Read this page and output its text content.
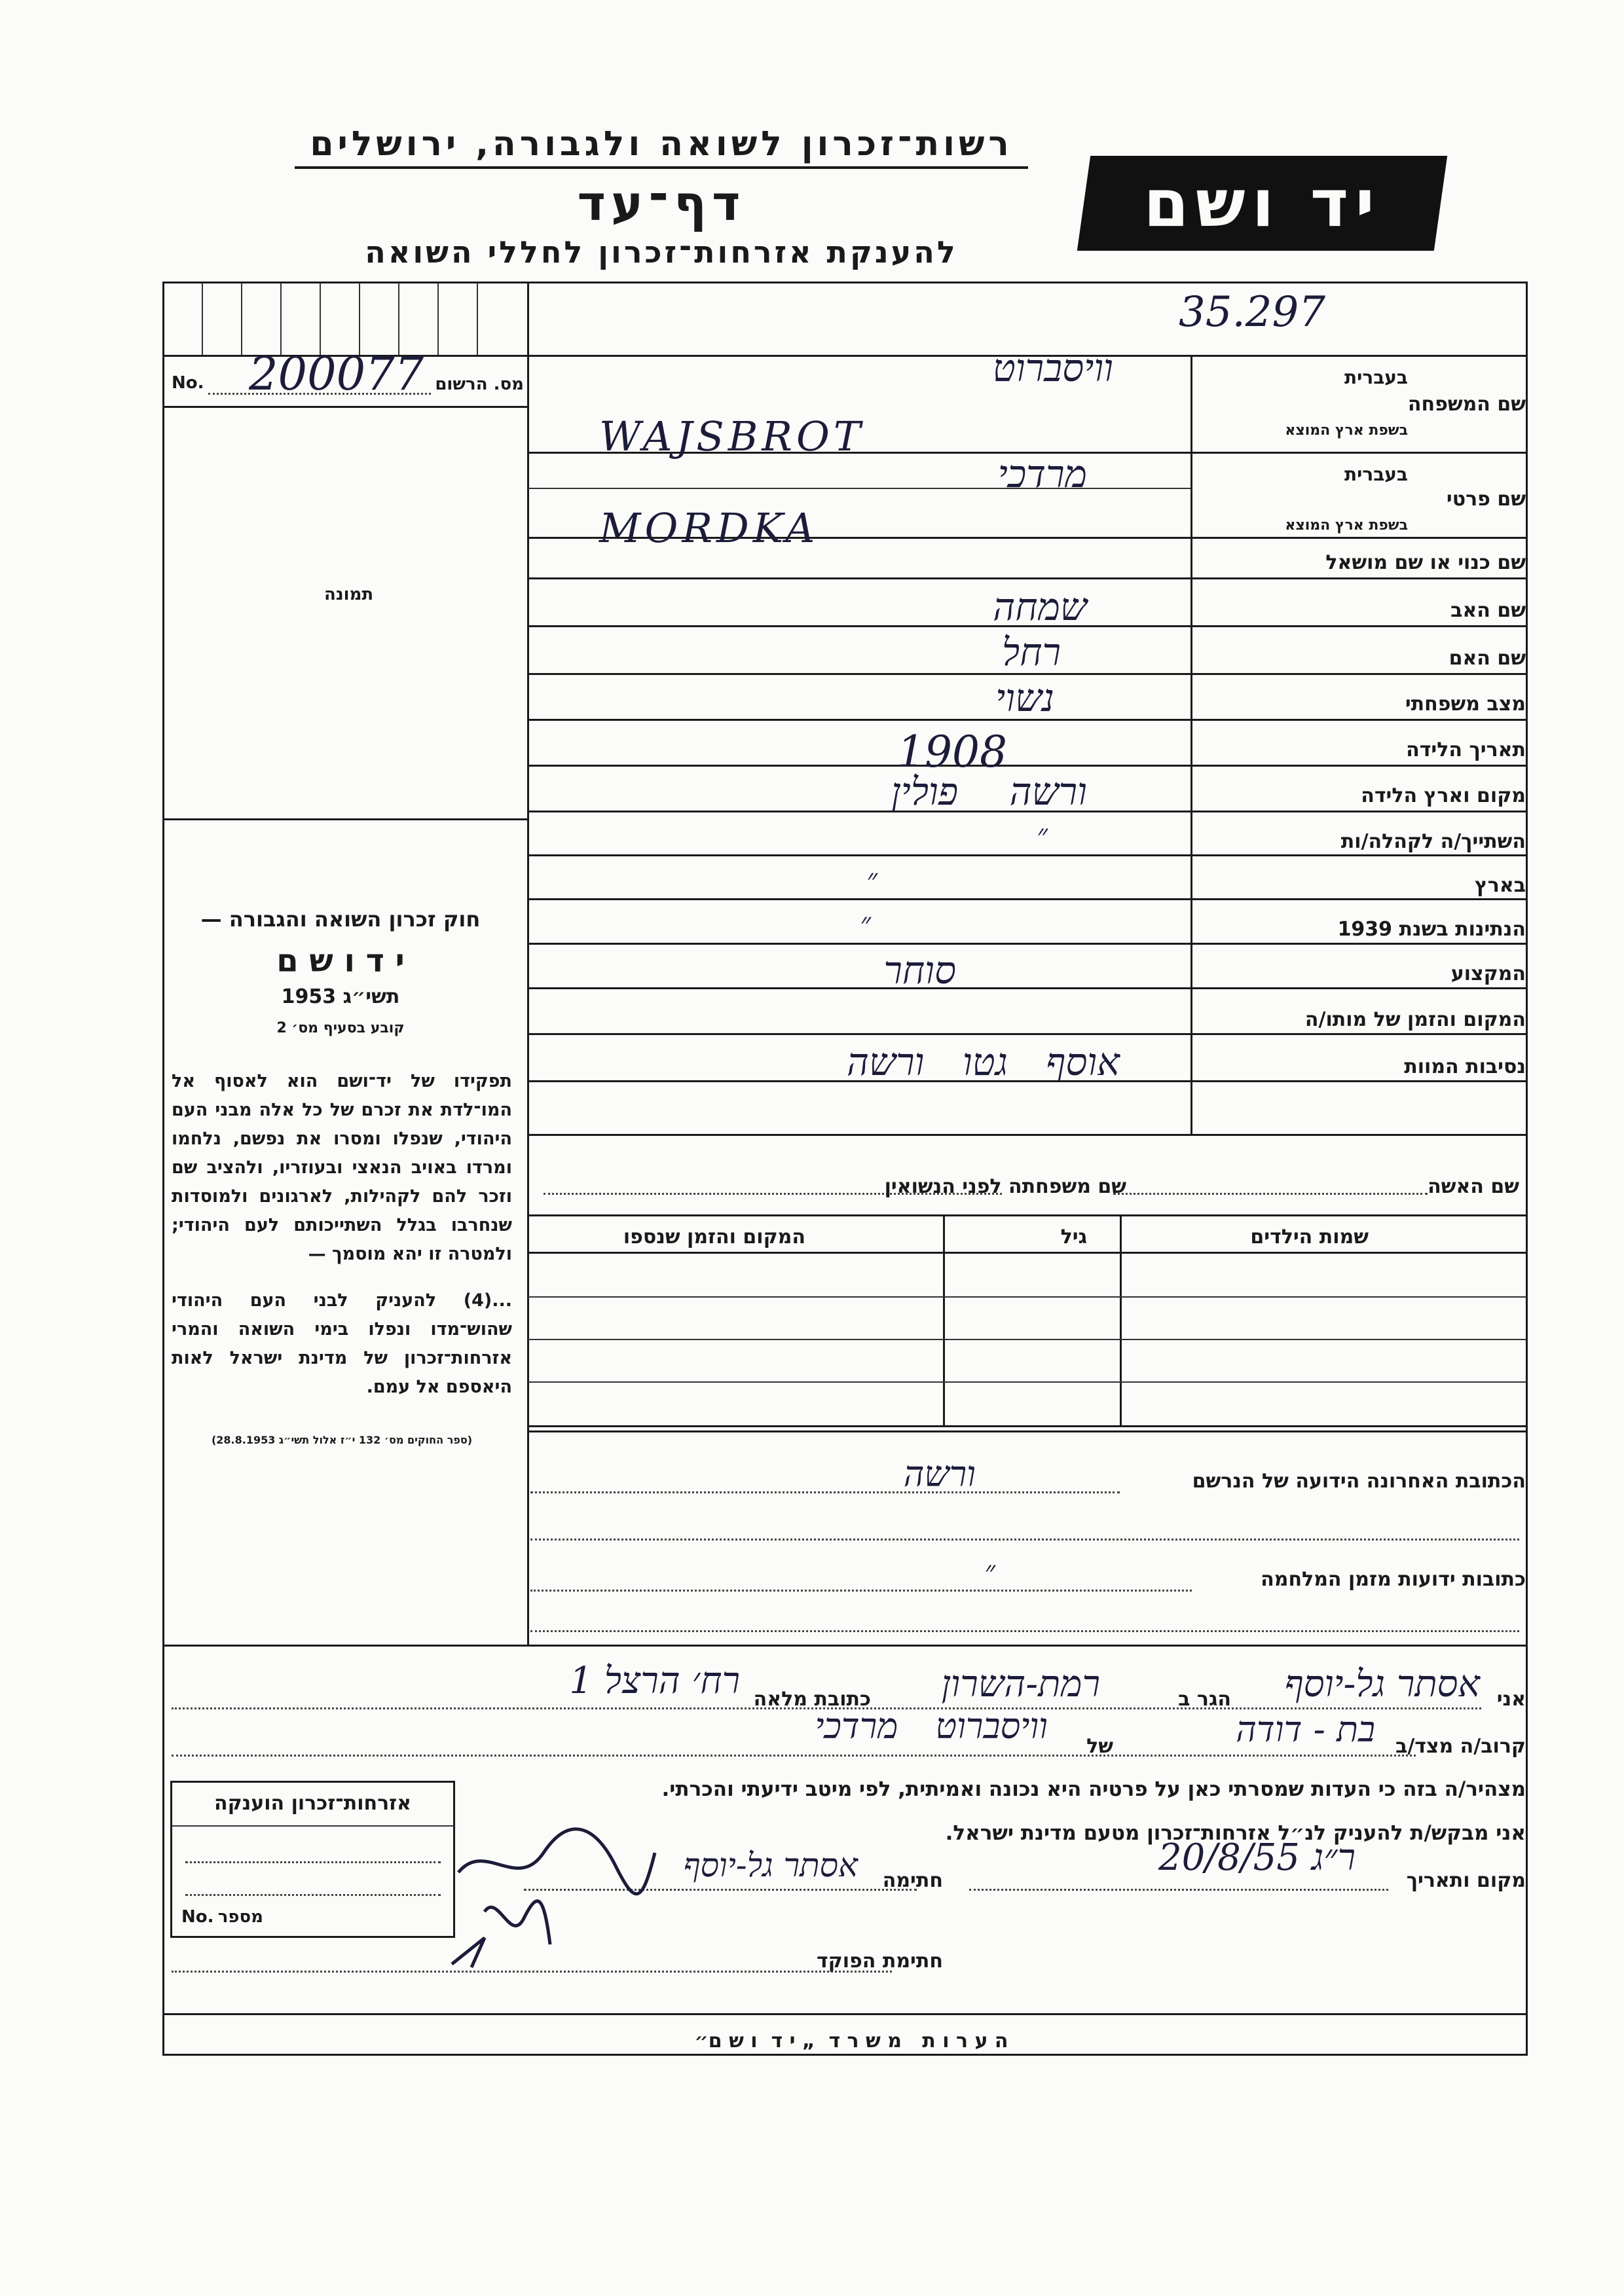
רשות־זכרון לשואה ולגבורה, ירושלים
דף־עד
להענקת אזרחות־זכרון לחללי השואה
יד ושם
35.297
No. 200077 מס. הרשום
תמונה
שם המשפחה
בעברית
בשפת ארץ המוצא
וויסברוט
WAJSBROT
שם פרטי
בעברית
בשפת ארץ המוצא
מרדכי
MORDKA
שם כנוי או שם מושאל
שם האב
שמחה
שם האם
רחל
מצב משפחתי
נשוי
תאריך הלידה
1908
מקום וארץ הלידה
ורשה פולין
השתייך/ה לקהלה/ות
״
בארץ
״
הנתינות בשנת 1939
״
המקצוע
סוחר
המקום והזמן של מותו/ה
נסיבות המוות
אוסף גטו ורשה
שם האשה
שם משפחתה לפני הנשואין
שמות הילדים
גיל
המקום והזמן שנספו
הכתובת האחרונה הידועה של הנרשם
ורשה
כתובות ידועות מזמן המלחמה
״
חוק זכרון השואה והגבורה —
י ד ו ש ם
תשי״ג 1953
קובע בסעיף מס׳ 2
תפקידו של יד־ושם הוא לאסוף אל המו־לדת את זכרם של כל אלה מבני העם היהודי, שנפלו ומסרו את נפשם, נלחמו ומרדו באויב הנאצי ובעוזריו, ולהציב שם וזכר להם לקהילות, לארגונים ולמוסדות שנחרבו בגלל השתייכותם לעם היהודי; ולמטרה זו יהא מוסמך —
...(4) להעניק לבני העם היהודי שהוש־מדו ונפלו בימי השואה והמרי אזרחות־זכרון של מדינת ישראל לאות היאספם אל עמם.
(ספר החוקים מס׳ 132 י״ז אלול תשי״ג 28.8.1953)
אני
אסתר גל-יוסף
הגר ב
רמת-השרון
כתובת מלאה
רח׳ הרצל 1
קרוב/ה מצד/ב
בת - דודה
של
וויסברוט מרדכי
מצהיר/ה בזה כי העדות שמסרתי כאן על פרטיה היא נכונה ואמיתית, לפי מיטב ידיעתי והכרתי.
אני מבקש/ת להעניק לנ״ל אזרחות־זכרון מטעם מדינת ישראל.
מקום ותאריך
ר״ג 20/8/55
חתימה
אסתר גל-יוסף
חתימת הפוקד
אזרחות־זכרון הוענקה
No. מספר
ה ע ר ו ת   מ ש ר ד  „ י ד  ו ש ם״
